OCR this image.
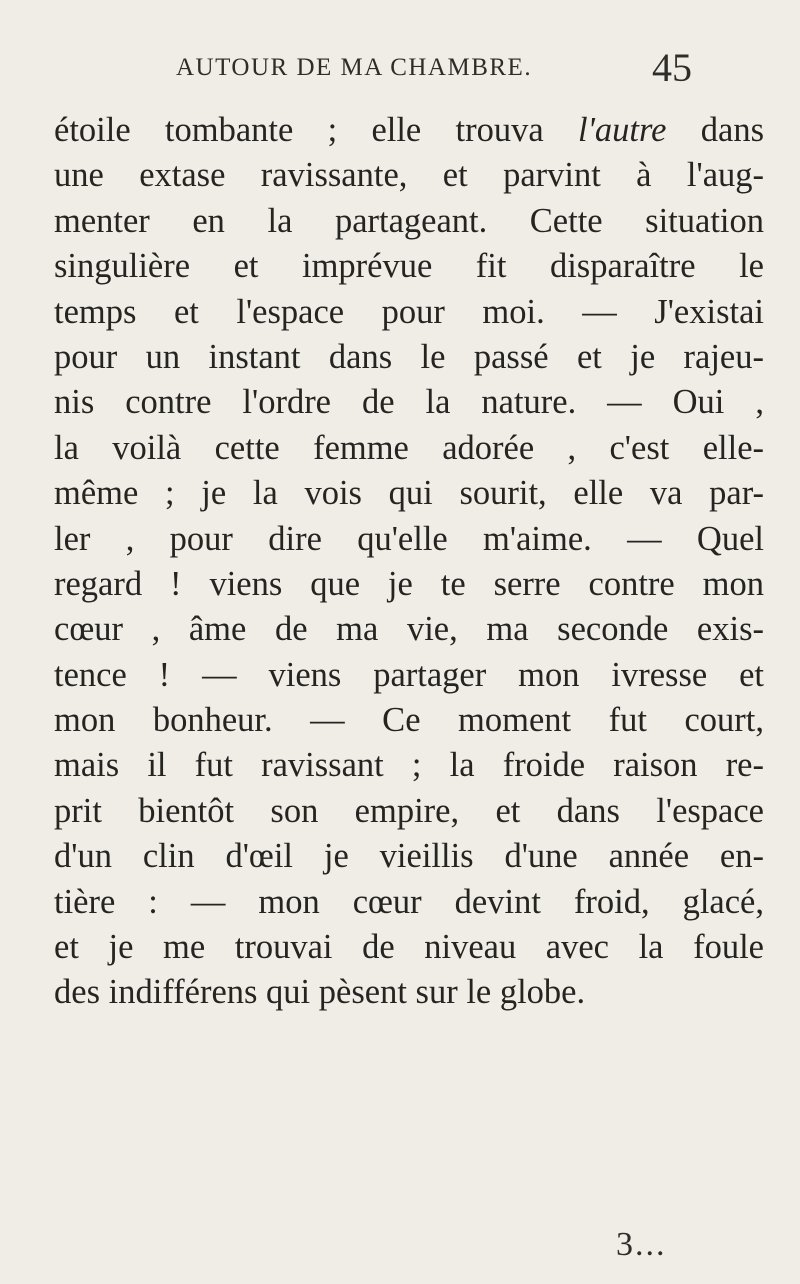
AUTOUR DE MA CHAMBRE.	45
étoile tombante ; elle trouva l'autre dans
une extase ravissante, et parvint à l'aug-
menter en la partageant. Cette situation
singulière et imprévue fit disparaître le
temps et l'espace pour moi. — J'existai
pour un instant dans le passé et je rajeu-
nis contre l'ordre de la nature. — Oui ,
la voilà cette femme adorée , c'est elle-
même ; je la vois qui sourit, elle va par-
ler , pour dire qu'elle m'aime. — Quel
regard ! viens que je te serre contre mon
cœur , âme de ma vie, ma seconde exis-
tence ! — viens partager mon ivresse et
mon bonheur. — Ce moment fut court,
mais il fut ravissant ; la froide raison re-
prit bientôt son empire, et dans l'espace
d'un clin d'œil je vieillis d'une année en-
tière : — mon cœur devint froid, glacé,
et je me trouvai de niveau avec la foule
des indifférens qui pèsent sur le globe.
3...
